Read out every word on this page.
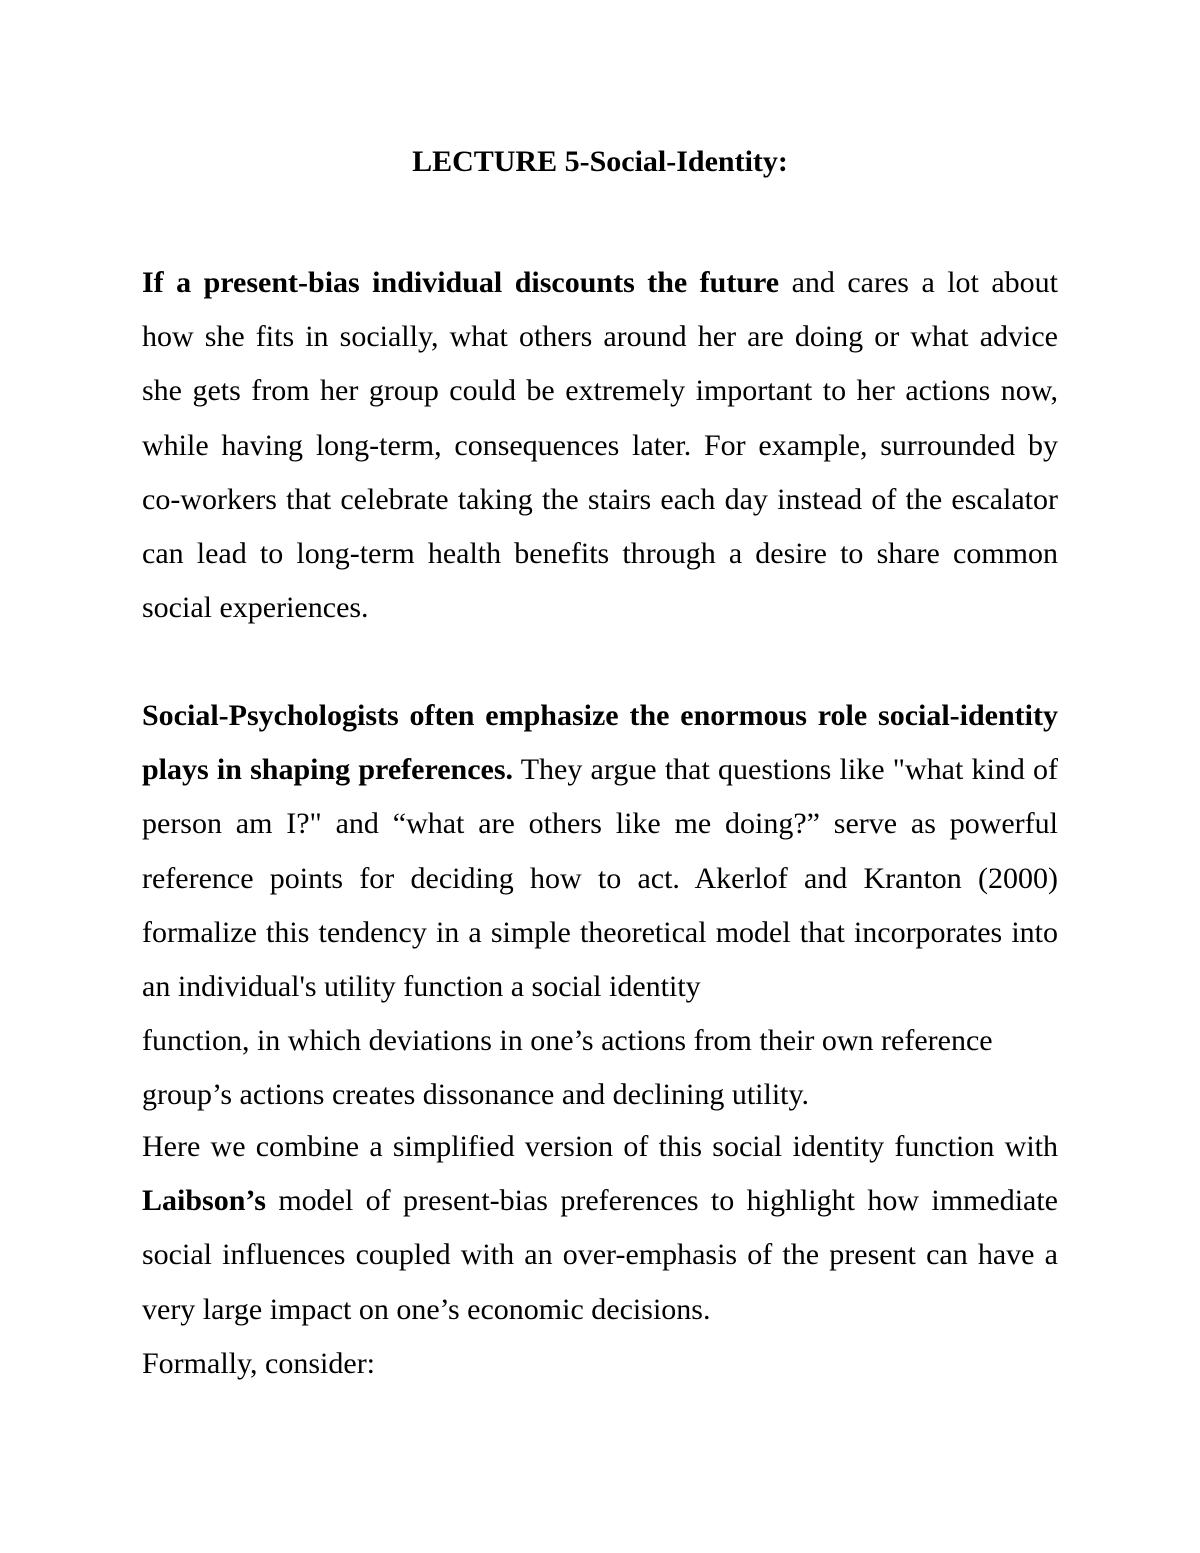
LECTURE 5-Social-Identity:

If a present-bias individual discounts the future and cares a lot about how she fits in socially, what others around her are doing or what advice she gets from her group could be extremely important to her actions now, while having long-term, consequences later. For example, surrounded by co-workers that celebrate taking the stairs each day instead of the escalator can lead to long-term health benefits through a desire to share common social experiences.

Social-Psychologists often emphasize the enormous role social-identity plays in shaping preferences. They argue that questions like "what kind of person am I?" and “what are others like me doing?” serve as powerful reference points for deciding how to act. Akerlof and Kranton (2000) formalize this tendency in a simple theoretical model that incorporates into an individual's utility function a social identity
function, in which deviations in one’s actions from their own reference
group’s actions creates dissonance and declining utility.
Here we combine a simplified version of this social identity function with Laibson’s model of present-bias preferences to highlight how immediate social influences coupled with an over-emphasis of the present can have a very large impact on one’s economic decisions.
Formally, consider:
